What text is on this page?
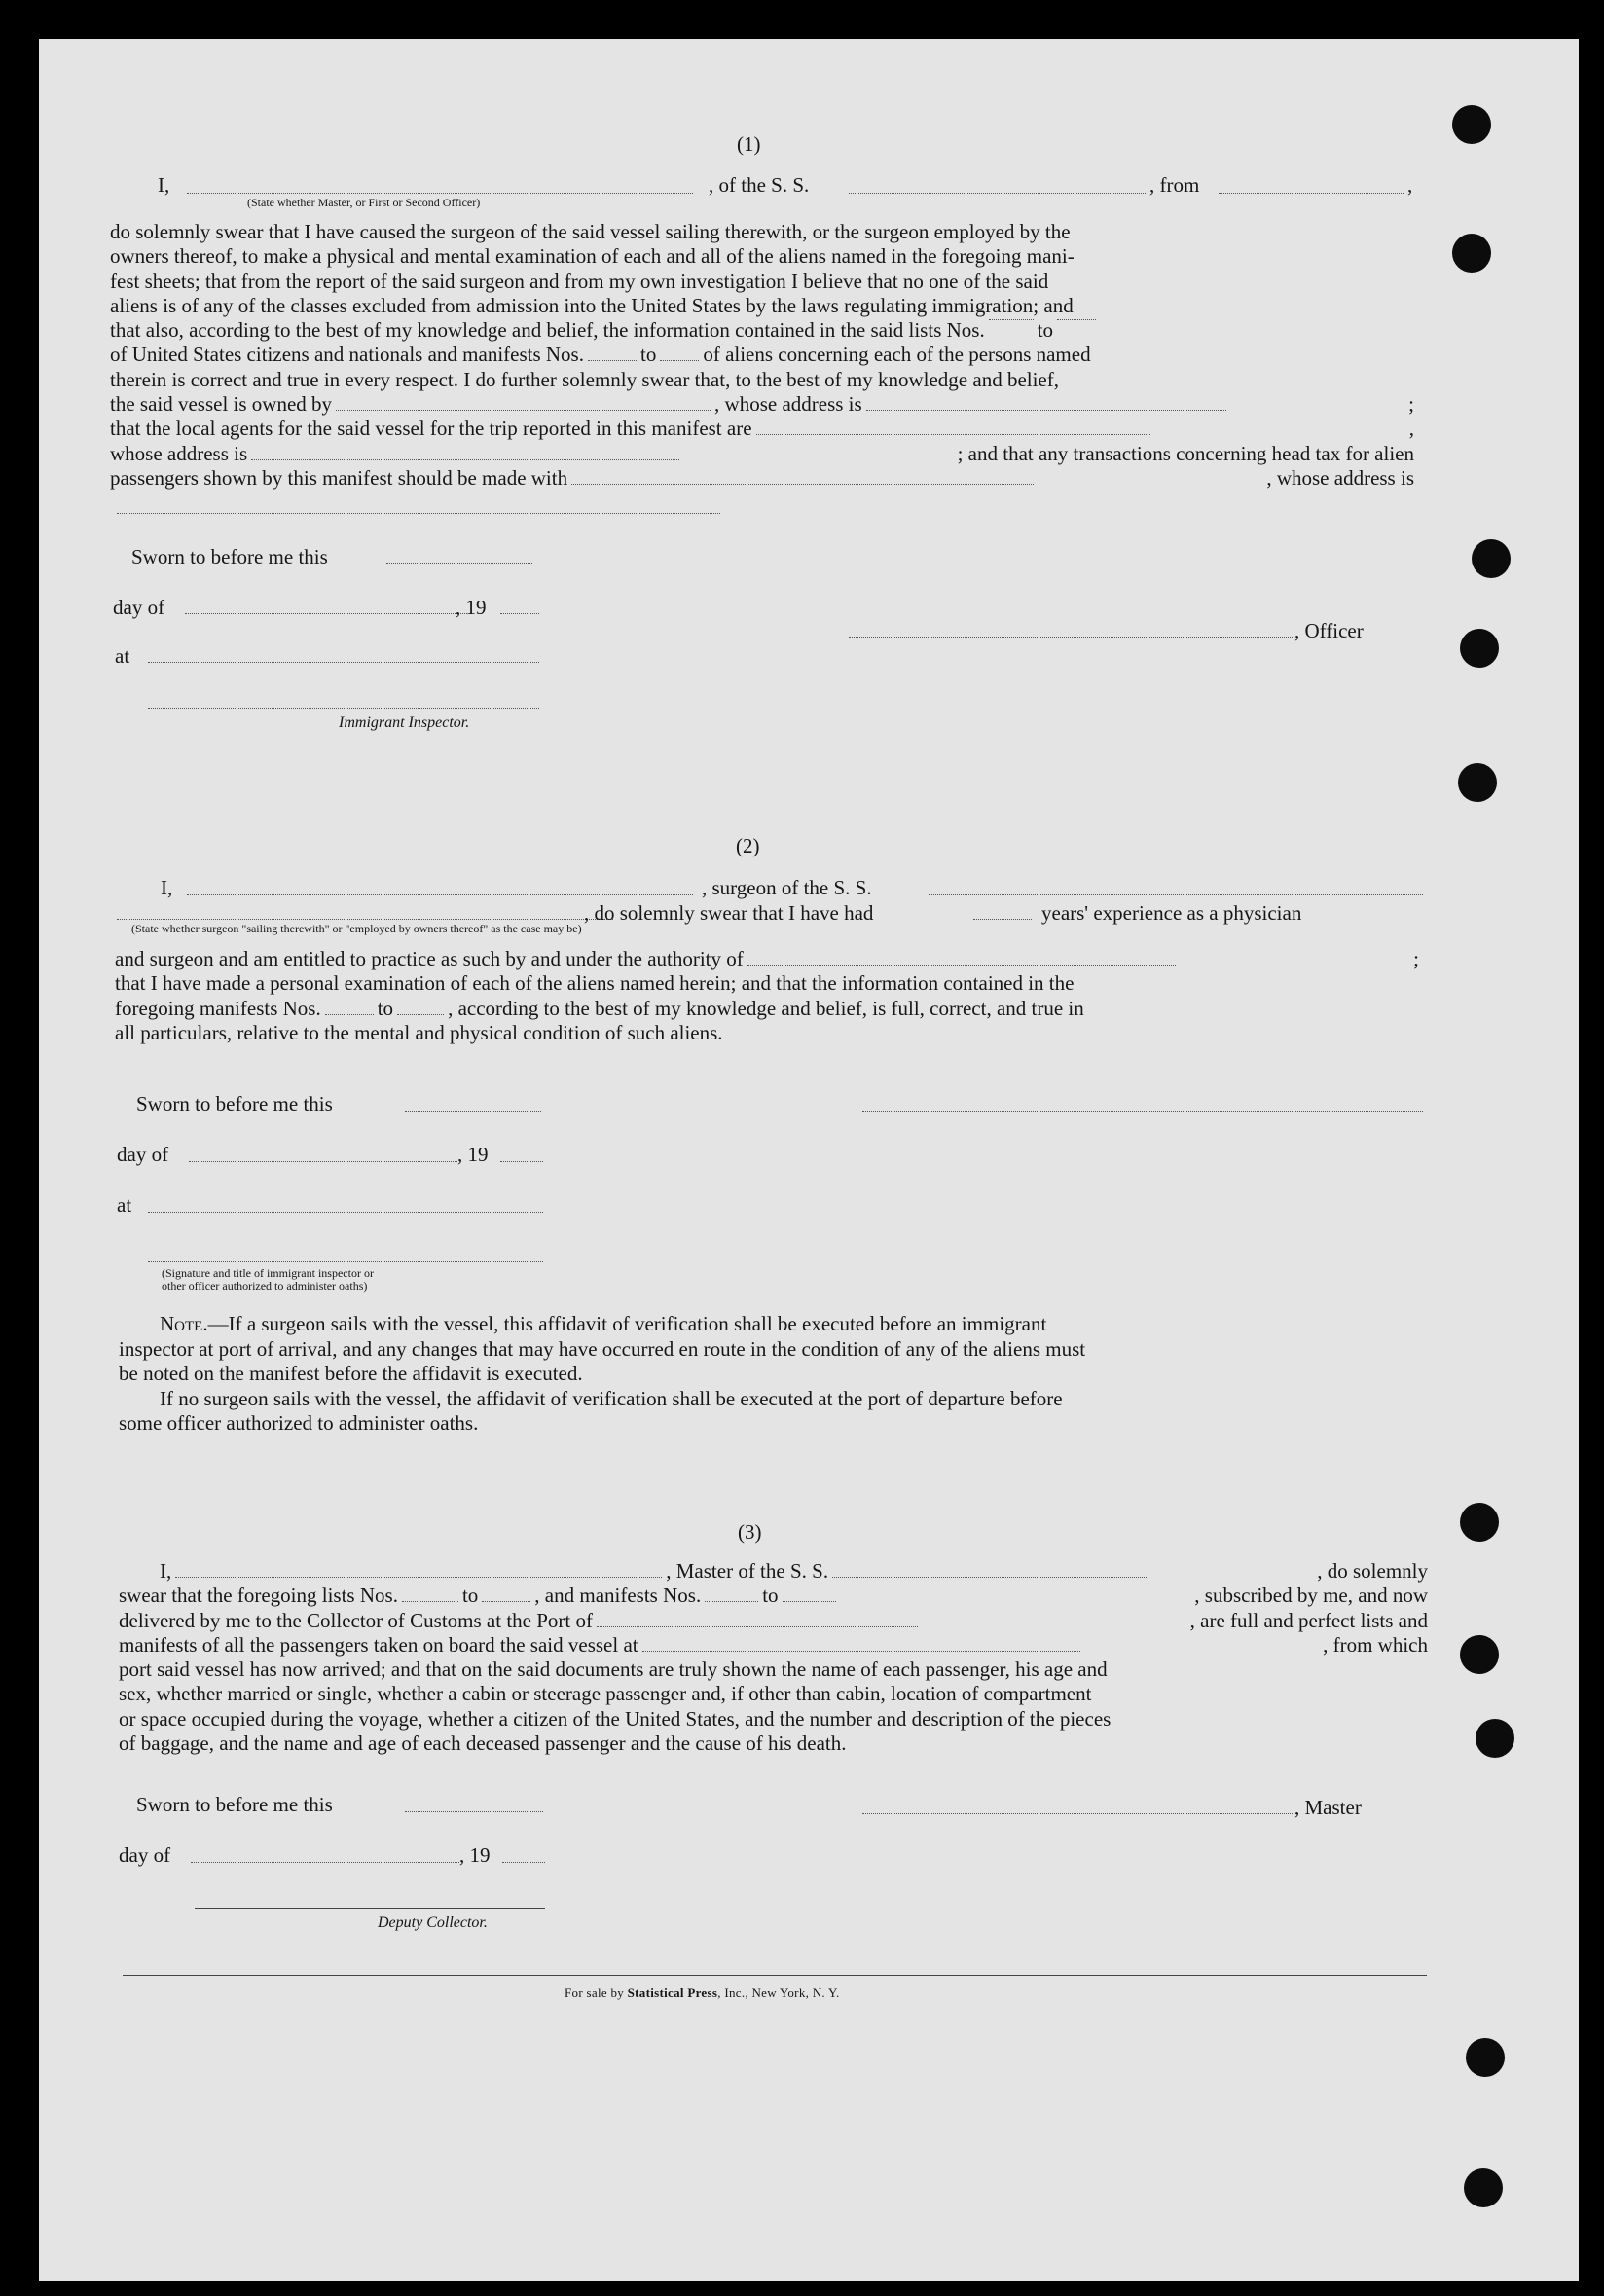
(1)
I,	, of the S. S.	, from	,
(State whether Master, or First or Second Officer)
do solemnly swear that I have caused the surgeon of the said vessel sailing therewith, or the surgeon employed by the
owners thereof, to make a physical and mental examination of each and all of the aliens named in the foregoing mani-
fest sheets; that from the report of the said surgeon and from my own investigation I believe that no one of the said
aliens is of any of the classes excluded from admission into the United States by the laws regulating immigration; and
that also, according to the best of my knowledge and belief, the information contained in the said lists Nos.	to
of United States citizens and nationals and manifests Nos.	to of aliens concerning each of the persons named
therein is correct and true in every respect. I do further solemnly swear that, to the best of my knowledge and belief,
the said vessel is owned by	, whose address is	;
that the local agents for the said vessel for the trip reported in this manifest are	,
whose address is	; and that any transactions concerning head tax for alien
passengers shown by this manifest should be made with	, whose address is
Sworn to before me this
day of	, 19
at
Immigrant Inspector.
, Officer
(2)
I,	, surgeon of the S. S.
, do solemnly swear that I have had	years' experience as a physician
(State whether surgeon "sailing therewith" or "employed by owners thereof" as the case may be)
and surgeon and am entitled to practice as such by and under the authority of	;
that I have made a personal examination of each of the aliens named herein; and that the information contained in the
foregoing manifests Nos.	to	, according to the best of my knowledge and belief, is full, correct, and true in
all particulars, relative to the mental and physical condition of such aliens.
Sworn to before me this
day of	, 19
at
(Signature and title of immigrant inspector or
other officer authorized to administer oaths)
Note.—If a surgeon sails with the vessel, this affidavit of verification shall be executed before an immigrant
inspector at port of arrival, and any changes that may have occurred en route in the condition of any of the aliens must
be noted on the manifest before the affidavit is executed.
If no surgeon sails with the vessel, the affidavit of verification shall be executed at the port of departure before
some officer authorized to administer oaths.
(3)
I,	, Master of the S. S.	, do solemnly
swear that the foregoing lists Nos.	to	, and manifests Nos.	to	, subscribed by me, and now
delivered by me to the Collector of Customs at the Port of	, are full and perfect lists and
manifests of all the passengers taken on board the said vessel at	, from which
port said vessel has now arrived; and that on the said documents are truly shown the name of each passenger, his age and
sex, whether married or single, whether a cabin or steerage passenger and, if other than cabin, location of compartment
or space occupied during the voyage, whether a citizen of the United States, and the number and description of the pieces
of baggage, and the name and age of each deceased passenger and the cause of his death.
Sworn to before me this	, Master
day of	, 19
Deputy Collector.
For sale by Statistical Press, Inc., New York, N. Y.
